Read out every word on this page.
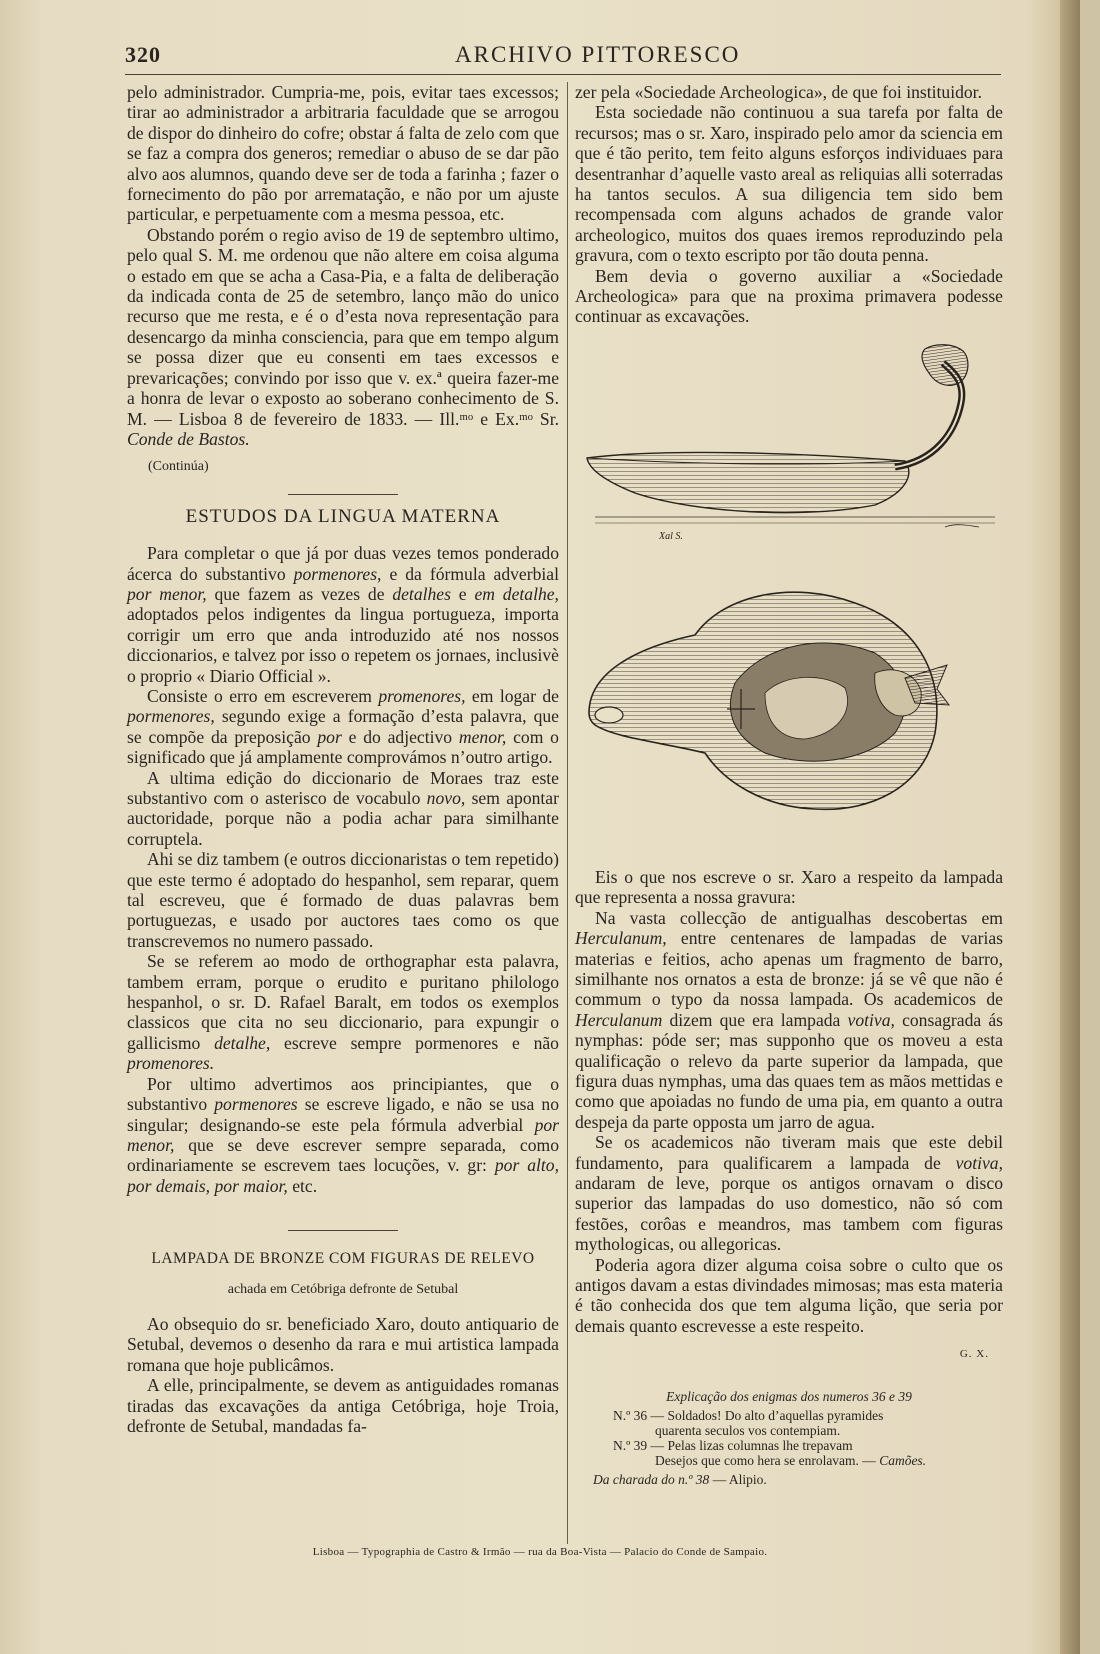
320	ARCHIVO PITTORESCO

pelo administrador. Cumpria-me, pois, evitar taes excessos; tirar ao administrador a arbitraria faculdade que se arrogou de dispor do dinheiro do cofre; obstar á falta de zelo com que se faz a compra dos generos; remediar o abuso de se dar pão alvo aos alumnos, quando deve ser de toda a farinha ; fazer o fornecimento do pão por arrematação, e não por um ajuste particular, e perpetuamente com a mesma pessoa, etc.

Obstando porém o regio aviso de 19 de septembro ultimo, pelo qual S. M. me ordenou que não altere em coisa alguma o estado em que se acha a Casa-Pia, e a falta de deliberação da indicada conta de 25 de setembro, lanço mão do unico recurso que me resta, e é o d’esta nova representação para desencargo da minha consciencia, para que em tempo algum se possa dizer que eu consenti em taes excessos e prevaricações; convindo por isso que v. ex.ª queira fazer-me a honra de levar o exposto ao soberano conhecimento de S. M. — Lisboa 8 de fevereiro de 1833. — Ill.ᵐᵒ e Ex.ᵐᵒ Sr. Conde de Bastos.

(Continúa)

ESTUDOS DA LINGUA MATERNA

Para completar o que já por duas vezes temos ponderado ácerca do substantivo pormenores, e da fórmula adverbial por menor, que fazem as vezes de detalhes e em detalhe, adoptados pelos indigentes da lingua portugueza, importa corrigir um erro que anda introduzido até nos nossos diccionarios, e talvez por isso o repetem os jornaes, inclusivè o proprio « Diario Official ».

Consiste o erro em escreverem promenores, em logar de pormenores, segundo exige a formação d’esta palavra, que se compõe da preposição por e do adjectivo menor, com o significado que já amplamente comprovámos n’outro artigo.

A ultima edição do diccionario de Moraes traz este substantivo com o asterisco de vocabulo novo, sem apontar auctoridade, porque não a podia achar para similhante corruptela.

Ahi se diz tambem (e outros diccionaristas o tem repetido) que este termo é adoptado do hespanhol, sem reparar, quem tal escreveu, que é formado de duas palavras bem portuguezas, e usado por auctores taes como os que transcrevemos no numero passado.

Se se referem ao modo de orthographar esta palavra, tambem erram, porque o erudito e puritano philologo hespanhol, o sr. D. Rafael Baralt, em todos os exemplos classicos que cita no seu diccionario, para expungir o gallicismo detalhe, escreve sempre pormenores e não promenores.

Por ultimo advertimos aos principiantes, que o substantivo pormenores se escreve ligado, e não se usa no singular; designando-se este pela fórmula adverbial por menor, que se deve escrever sempre separada, como ordinariamente se escrevem taes locuções, v. gr: por alto, por demais, por maior, etc.

LAMPADA DE BRONZE COM FIGURAS DE RELEVO

achada em Cetóbriga defronte de Setubal

Ao obsequio do sr. beneficiado Xaro, douto antiquario de Setubal, devemos o desenho da rara e mui artistica lampada romana que hoje publicâmos.

A elle, principalmente, se devem as antiguidades romanas tiradas das excavações da antiga Cetóbriga, hoje Troia, defronte de Setubal, mandadas fa-

zer pela «Sociedade Archeologica», de que foi instituidor.

Esta sociedade não continuou a sua tarefa por falta de recursos; mas o sr. Xaro, inspirado pelo amor da sciencia em que é tão perito, tem feito alguns esforços individuaes para desentranhar d’aquelle vasto areal as reliquias alli soterradas ha tantos seculos. A sua diligencia tem sido bem recompensada com alguns achados de grande valor archeologico, muitos dos quaes iremos reproduzindo pela gravura, com o texto escripto por tão douta penna.

Bem devia o governo auxiliar a «Sociedade Archeologica» para que na proxima primavera podesse continuar as excavações.

Xal S.

Eis o que nos escreve o sr. Xaro a respeito da lampada que representa a nossa gravura:

Na vasta collecção de antigualhas descobertas em Herculanum, entre centenares de lampadas de varias materias e feitios, acho apenas um fragmento de barro, similhante nos ornatos a esta de bronze: já se vê que não é commum o typo da nossa lampada. Os academicos de Herculanum dizem que era lampada votiva, consagrada ás nymphas: póde ser; mas supponho que os moveu a esta qualificação o relevo da parte superior da lampada, que figura duas nymphas, uma das quaes tem as mãos mettidas e como que apoiadas no fundo de uma pia, em quanto a outra despeja da parte opposta um jarro de agua.

Se os academicos não tiveram mais que este debil fundamento, para qualificarem a lampada de votiva, andaram de leve, porque os antigos ornavam o disco superior das lampadas do uso domestico, não só com festões, corôas e meandros, mas tambem com figuras mythologicas, ou allegoricas.

Poderia agora dizer alguma coisa sobre o culto que os antigos davam a estas divindades mimosas; mas esta materia é tão conhecida dos que tem alguma lição, que seria por demais quanto escrevesse a este respeito.

G. X.

Explicação dos enigmas dos numeros 36 e 39
N.º 36 — Soldados! Do alto d’aquellas pyramides
quarenta seculos vos contempiam.
N.º 39 — Pelas lizas columnas lhe trepavam
Desejos que como hera se enrolavam. — Camões.
Da charada do n.º 38 — Alipio.
Lisboa — Typographia de Castro & Irmão — rua da Boa-Vista — Palacio do Conde de Sampaio.
